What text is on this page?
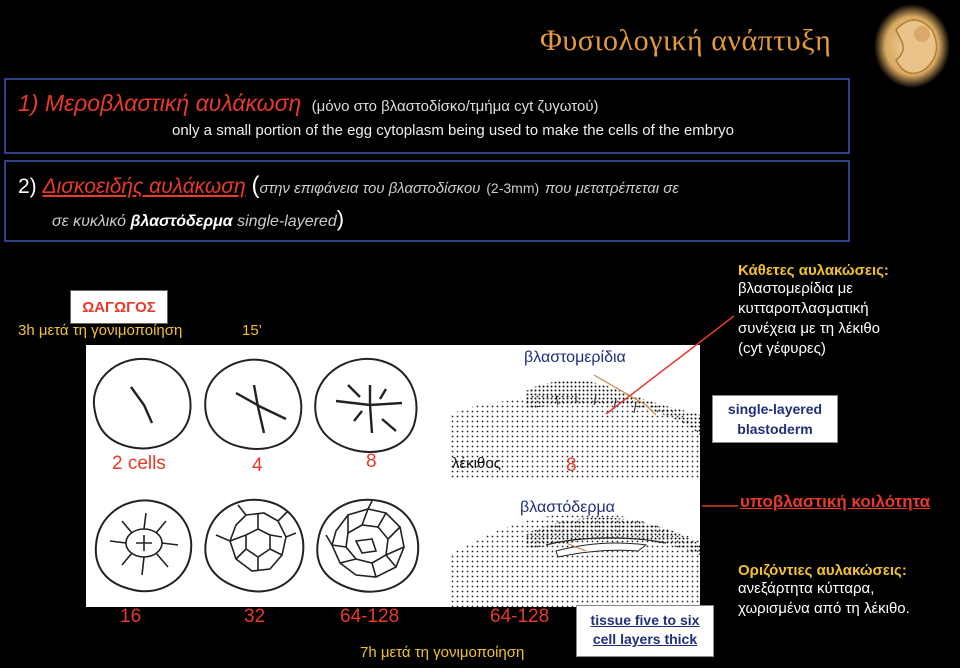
Φυσιολογική ανάπτυξη
1) Μεροβλαστική αυλάκωση (μόνο στο βλαστοδίσκο/τμήμα cyt ζυγωτού)
only a small portion of the egg cytoplasm being used to make the cells of the embryo
2) Δισκοειδής αυλάκωση (στην επιφάνεια του βλαστοδίσκου (2-3mm) που μετατρέπεται σε
σε κυκλικό βλαστόδερμα single-layered)
ΩΑΓΩΓΟΣ
3h μετά τη γονιμοποίηση	15’
βλαστομερίδια
λέκιθος
βλαστόδερμα
2 cells	4	8	8
16	32	64-128	64-128
7h μετά τη γονιμοποίηση
Κάθετες αυλακώσεις:
βλαστομερίδια με
κυτταροπλασματική
συνέχεια με τη λέκιθο
(cyt γέφυρες)
single-layered
blastoderm
υποβλαστική κοιλότητα
tissue five to six
cell layers thick
Οριζόντιες αυλακώσεις:
ανεξάρτητα κύτταρα,
χωρισμένα από τη λέκιθο.
